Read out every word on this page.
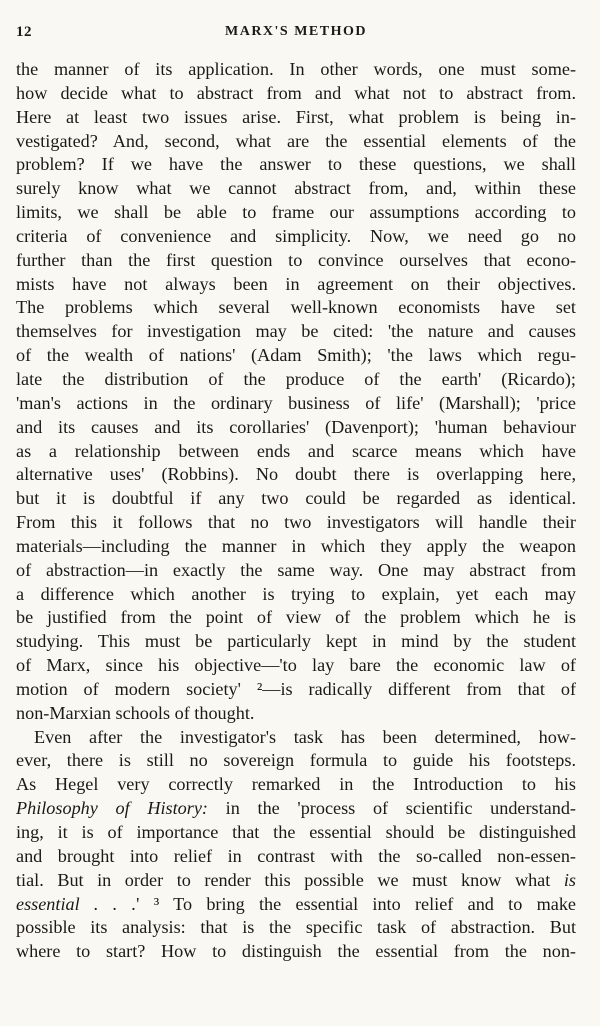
12	MARX'S METHOD
the manner of its application. In other words, one must some-
how decide what to abstract from and what not to abstract from.
Here at least two issues arise. First, what problem is being in-
vestigated? And, second, what are the essential elements of the
problem? If we have the answer to these questions, we shall
surely know what we cannot abstract from, and, within these
limits, we shall be able to frame our assumptions according to
criteria of convenience and simplicity. Now, we need go no
further than the first question to convince ourselves that econo-
mists have not always been in agreement on their objectives.
The problems which several well-known economists have set
themselves for investigation may be cited: 'the nature and causes
of the wealth of nations' (Adam Smith); 'the laws which regu-
late the distribution of the produce of the earth' (Ricardo);
'man's actions in the ordinary business of life' (Marshall); 'price
and its causes and its corollaries' (Davenport); 'human behaviour
as a relationship between ends and scarce means which have
alternative uses' (Robbins). No doubt there is overlapping here,
but it is doubtful if any two could be regarded as identical.
From this it follows that no two investigators will handle their
materials—including the manner in which they apply the weapon
of abstraction—in exactly the same way. One may abstract from
a difference which another is trying to explain, yet each may
be justified from the point of view of the problem which he is
studying. This must be particularly kept in mind by the student
of Marx, since his objective—'to lay bare the economic law of
motion of modern society' ²—is radically different from that of
non-Marxian schools of thought.
Even after the investigator's task has been determined, how-
ever, there is still no sovereign formula to guide his footsteps.
As Hegel very correctly remarked in the Introduction to his
Philosophy of History: in the 'process of scientific understand-
ing, it is of importance that the essential should be distinguished
and brought into relief in contrast with the so-called non-essen-
tial. But in order to render this possible we must know what is
essential . . .' ³ To bring the essential into relief and to make
possible its analysis: that is the specific task of abstraction. But
where to start? How to distinguish the essential from the non-
